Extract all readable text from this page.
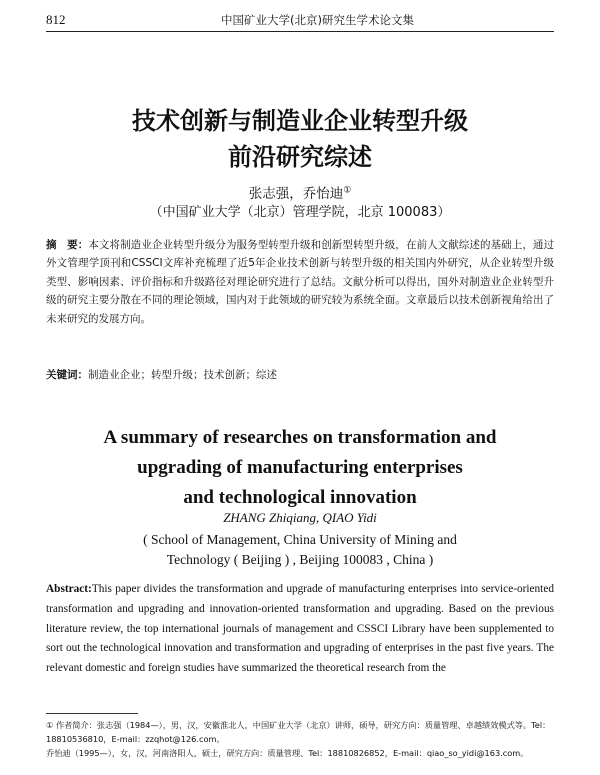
812	中国矿业大学(北京)研究生学术论文集
技术创新与制造业企业转型升级
前沿研究综述
张志强，乔怡迪①
（中国矿业大学（北京）管理学院，北京 100083）
摘　要：本文将制造业企业转型升级分为服务型转型升级和创新型转型升级，在前人文献综述的基础上，通过外文管理学顶刊和CSSCI文库补充梳理了近5年企业技术创新与转型升级的相关国内外研究，从企业转型升级类型、影响因素、评价指标和升级路径对理论研究进行了总结。文献分析可以得出，国外对制造业企业转型升级的研究主要分散在不同的理论领域，国内对于此领域的研究较为系统全面。文章最后以技术创新视角给出了未来研究的发展方向。
关键词：制造业企业；转型升级；技术创新；综述
A summary of researches on transformation and
upgrading of manufacturing enterprises
and technological innovation
ZHANG Zhiqiang, QIAO Yidi
( School of Management, China University of Mining and
Technology ( Beijing ) , Beijing 100083 , China )
Abstract:This paper divides the transformation and upgrade of manufacturing enterprises into service-oriented transformation and upgrading and innovation-oriented transformation and upgrading. Based on the previous literature review, the top international journals of management and CSSCI Library have been supplemented to sort out the technological innovation and transformation and upgrading of enterprises in the past five years. The relevant domestic and foreign studies have summarized the theoretical research from the
① 作者简介：张志强（1984—），男，汉，安徽淮北人，中国矿业大学（北京）讲师，硕导，研究方向：质量管理、卓越绩效模式等。Tel：18810536810，E-mail：zzqhot@126.com。
乔怡迪（1995—），女，汉，河南洛阳人，硕士，研究方向：质量管理、Tel：18810826852，E-mail：qiao_so_yidi@163.com。
